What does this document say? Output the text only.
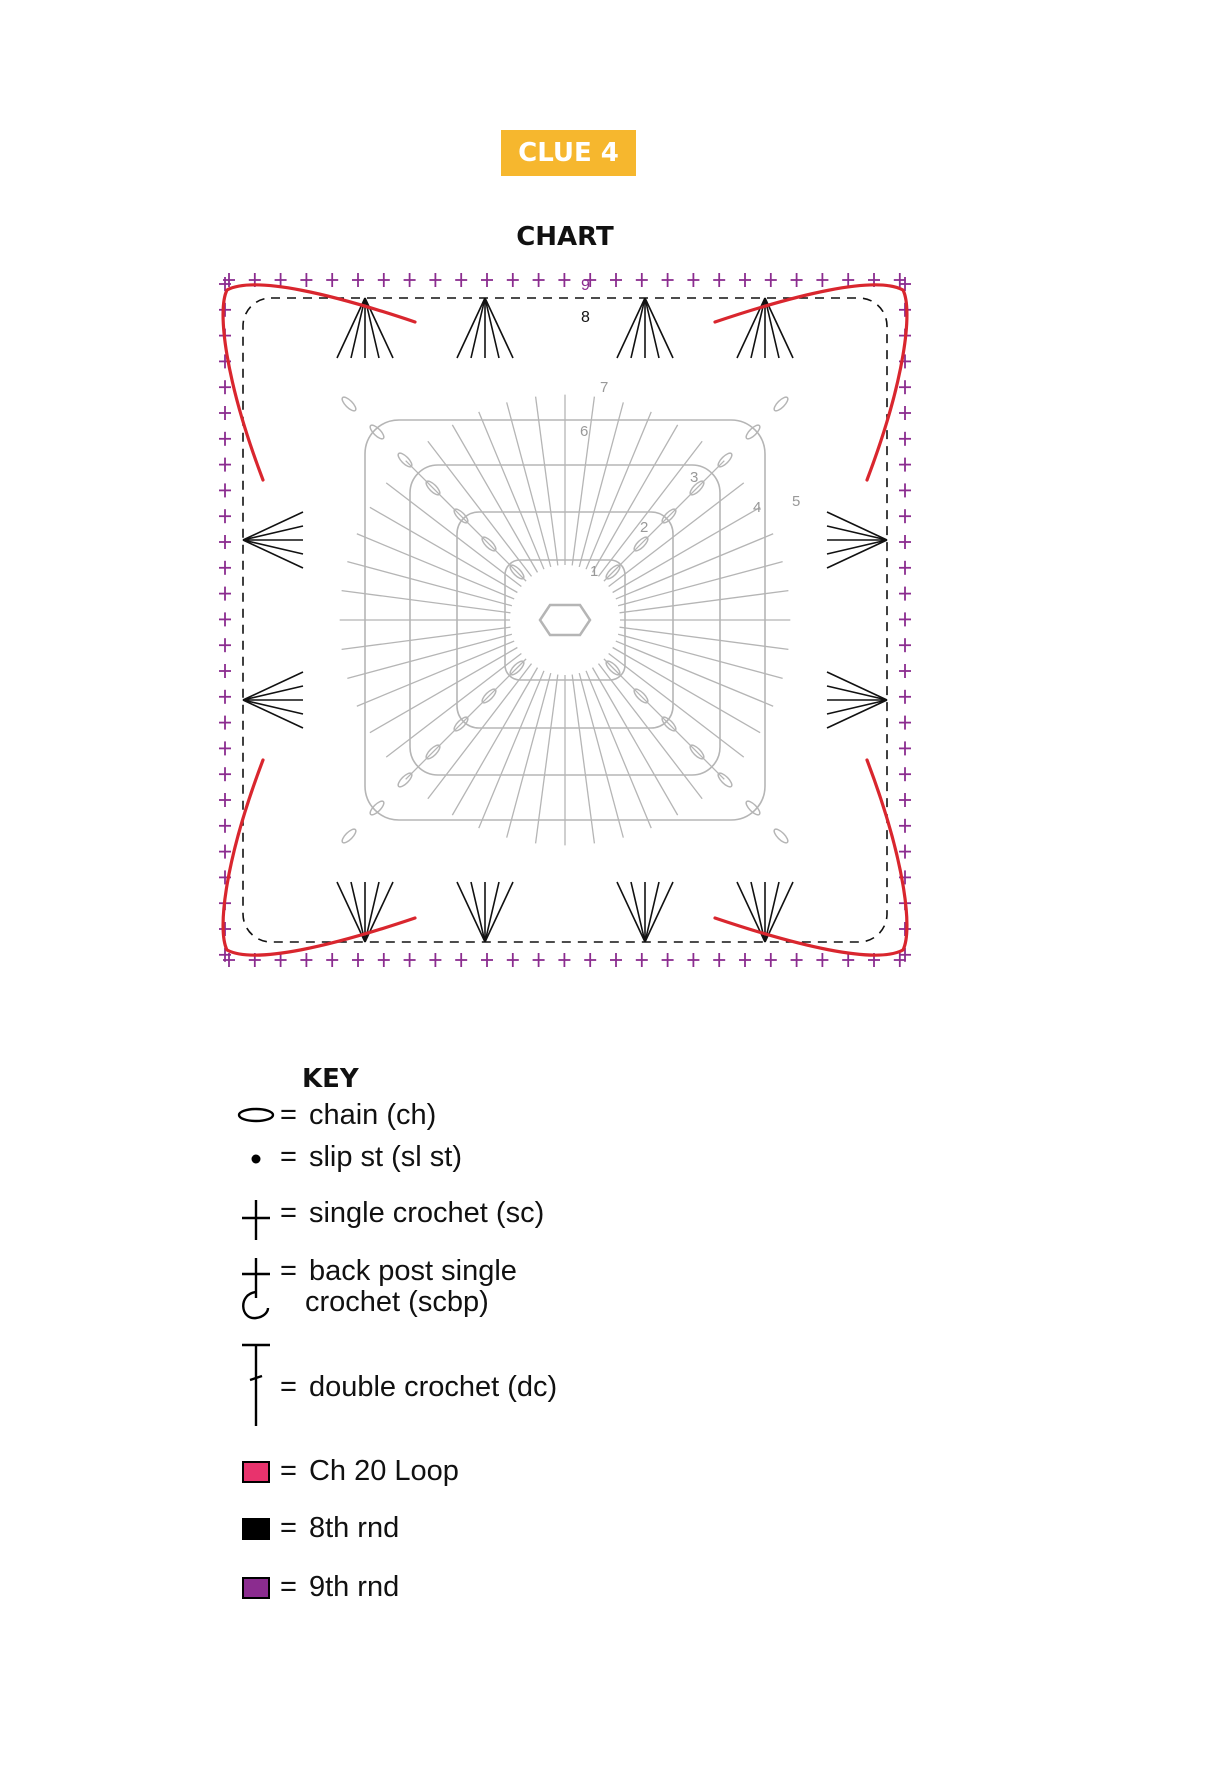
CLUE 4
CHART
1
2
3
4 5
6
7
8
9
KEY
= chain (ch)
= slip st (sl st)
= single crochet (sc)
= back post single
crochet (scbp)
= double crochet (dc)
= Ch 20 Loop
= 8th rnd
= 9th rnd
